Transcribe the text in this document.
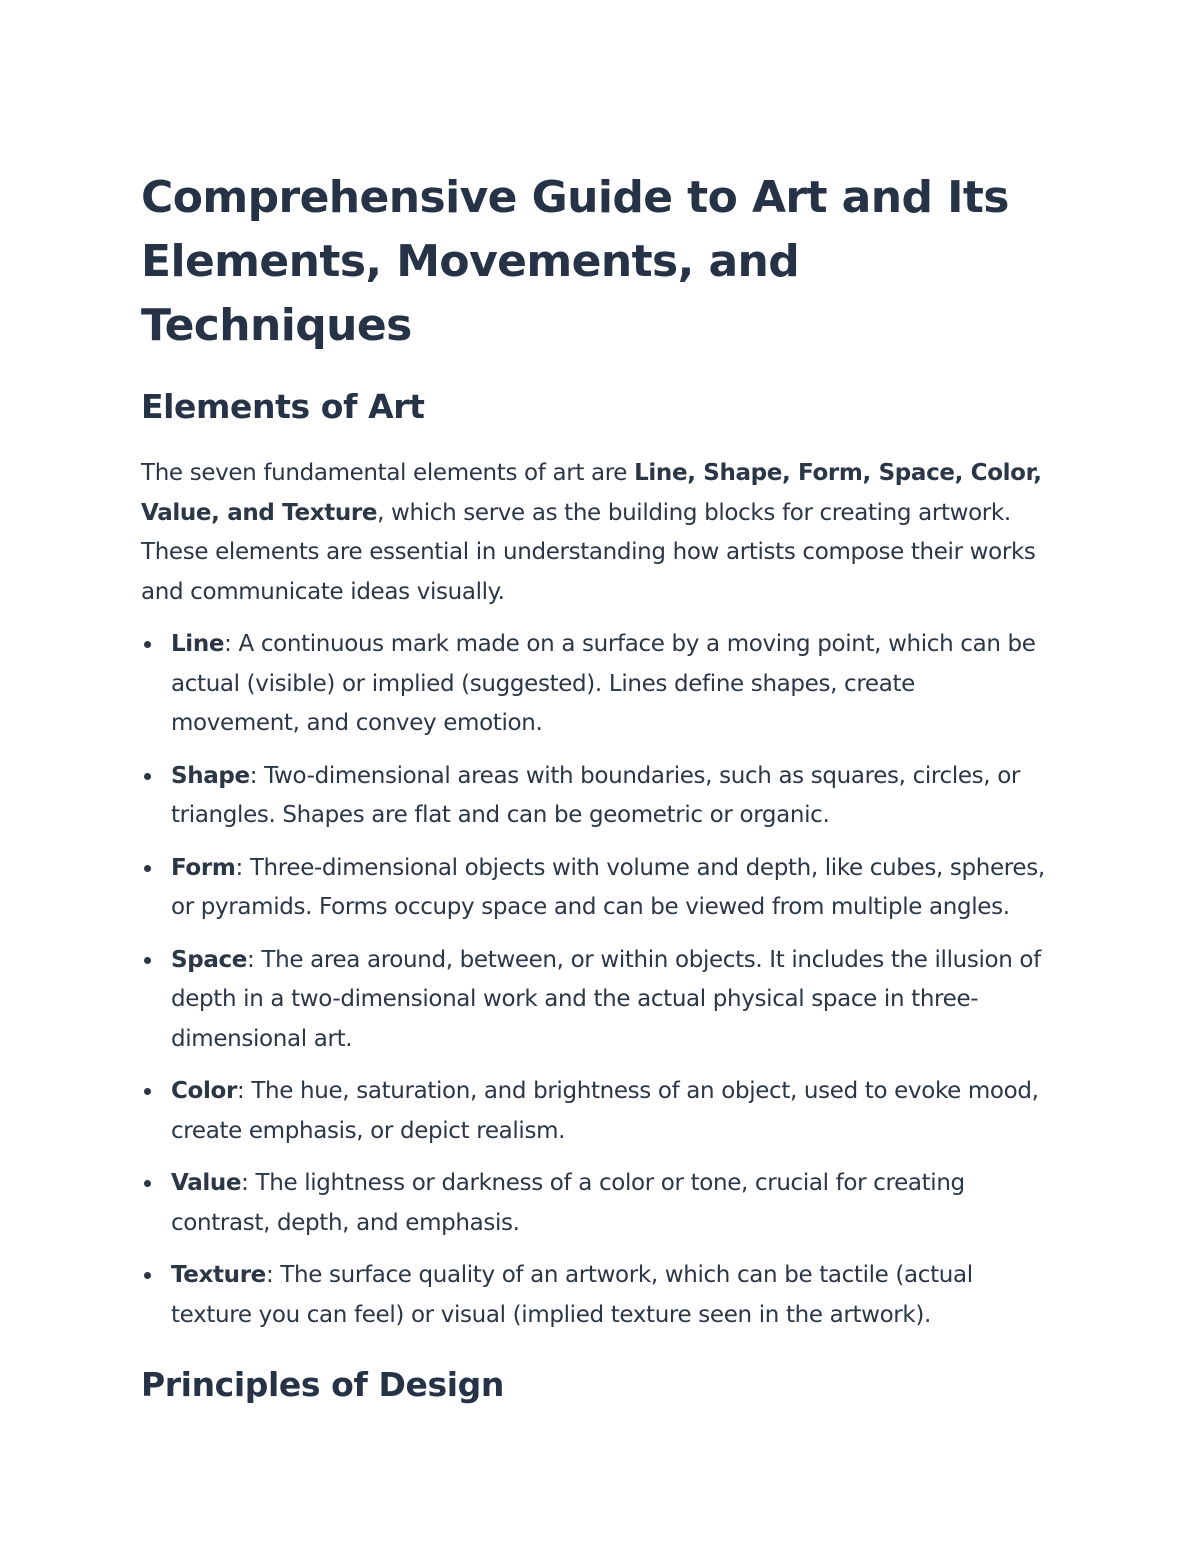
Comprehensive Guide to Art and Its Elements, Movements, and Techniques
Elements of Art

The seven fundamental elements of art are Line, Shape, Form, Space, Color, Value, and Texture, which serve as the building blocks for creating artwork. These elements are essential in understanding how artists compose their works and communicate ideas visually.

Line: A continuous mark made on a surface by a moving point, which can be actual (visible) or implied (suggested). Lines define shapes, create movement, and convey emotion.
Shape: Two-dimensional areas with boundaries, such as squares, circles, or triangles. Shapes are flat and can be geometric or organic.
Form: Three-dimensional objects with volume and depth, like cubes, spheres, or pyramids. Forms occupy space and can be viewed from multiple angles.
Space: The area around, between, or within objects. It includes the illusion of depth in a two-dimensional work and the actual physical space in three-dimensional art.
Color: The hue, saturation, and brightness of an object, used to evoke mood, create emphasis, or depict realism.
Value: The lightness or darkness of a color or tone, crucial for creating contrast, depth, and emphasis.
Texture: The surface quality of an artwork, which can be tactile (actual texture you can feel) or visual (implied texture seen in the artwork).
Principles of Design
